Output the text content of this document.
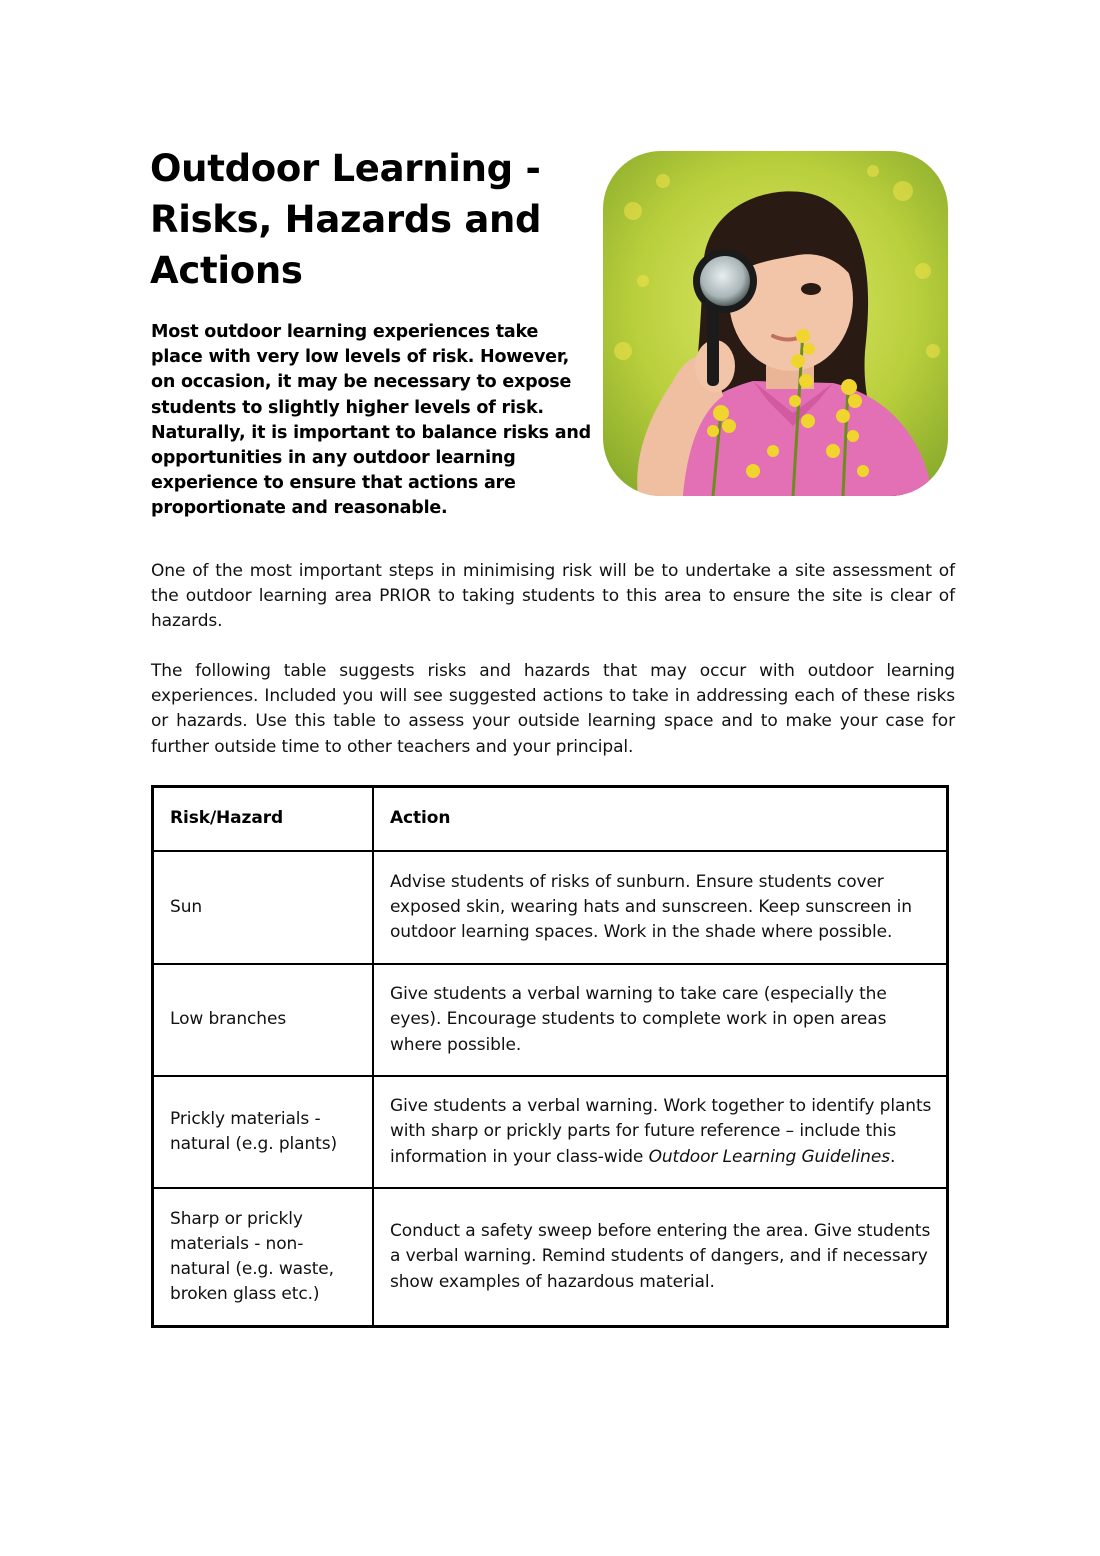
Outdoor Learning - Risks, Hazards and Actions

Most outdoor learning experiences take place with very low levels of risk. However, on occasion, it may be necessary to expose students to slightly higher levels of risk. Naturally, it is important to balance risks and opportunities in any outdoor learning experience to ensure that actions are proportionate and reasonable.

One of the most important steps in minimising risk will be to undertake a site assessment of the outdoor learning area PRIOR to taking students to this area to ensure the site is clear of hazards.

The following table suggests risks and hazards that may occur with outdoor learning experiences. Included you will see suggested actions to take in addressing each of these risks or hazards. Use this table to assess your outside learning space and to make your case for further outside time to other teachers and your principal.

Risk/Hazard	Action
Sun	Advise students of risks of sunburn. Ensure students cover exposed skin, wearing hats and sunscreen. Keep sunscreen in outdoor learning spaces. Work in the shade where possible.
Low branches	Give students a verbal warning to take care (especially the eyes). Encourage students to complete work in open areas where possible.
Prickly materials - natural (e.g. plants)	Give students a verbal warning. Work together to identify plants with sharp or prickly parts for future reference – include this information in your class-wide Outdoor Learning Guidelines.
Sharp or prickly materials - non-natural (e.g. waste, broken glass etc.)	Conduct a safety sweep before entering the area. Give students a verbal warning. Remind students of dangers, and if necessary show examples of hazardous material.
